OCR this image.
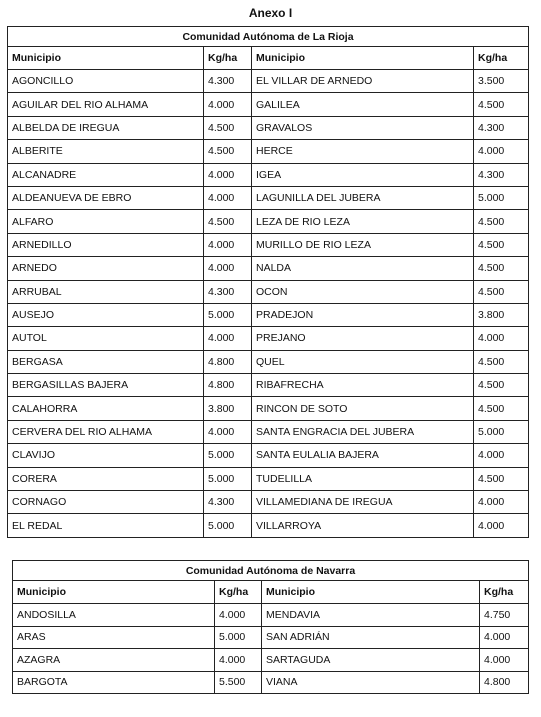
Anexo I
Comunidad Autónoma de La Rioja			
Municipio	Kg/ha	Municipio	Kg/ha
AGONCILLO	4.300	EL VILLAR DE ARNEDO	3.500
AGUILAR DEL RIO ALHAMA	4.000	GALILEA	4.500
ALBELDA DE IREGUA	4.500	GRAVALOS	4.300
ALBERITE	4.500	HERCE	4.000
ALCANADRE	4.000	IGEA	4.300
ALDEANUEVA DE EBRO	4.000	LAGUNILLA DEL JUBERA	5.000
ALFARO	4.500	LEZA DE RIO LEZA	4.500
ARNEDILLO	4.000	MURILLO DE RIO LEZA	4.500
ARNEDO	4.000	NALDA	4.500
ARRUBAL	4.300	OCON	4.500
AUSEJO	5.000	PRADEJON	3.800
AUTOL	4.000	PREJANO	4.000
BERGASA	4.800	QUEL	4.500
BERGASILLAS BAJERA	4.800	RIBAFRECHA	4.500
CALAHORRA	3.800	RINCON DE SOTO	4.500
CERVERA DEL RIO ALHAMA	4.000	SANTA ENGRACIA DEL JUBERA	5.000
CLAVIJO	5.000	SANTA EULALIA BAJERA	4.000
CORERA	5.000	TUDELILLA	4.500
CORNAGO	4.300	VILLAMEDIANA DE IREGUA	4.000
EL REDAL	5.000	VILLARROYA	4.000
Comunidad Autónoma de Navarra			
Municipio	Kg/ha	Municipio	Kg/ha
ANDOSILLA	4.000	MENDAVIA	4.750
ARAS	5.000	SAN ADRIÁN	4.000
AZAGRA	4.000	SARTAGUDA	4.000
BARGOTA	5.500	VIANA	4.800
